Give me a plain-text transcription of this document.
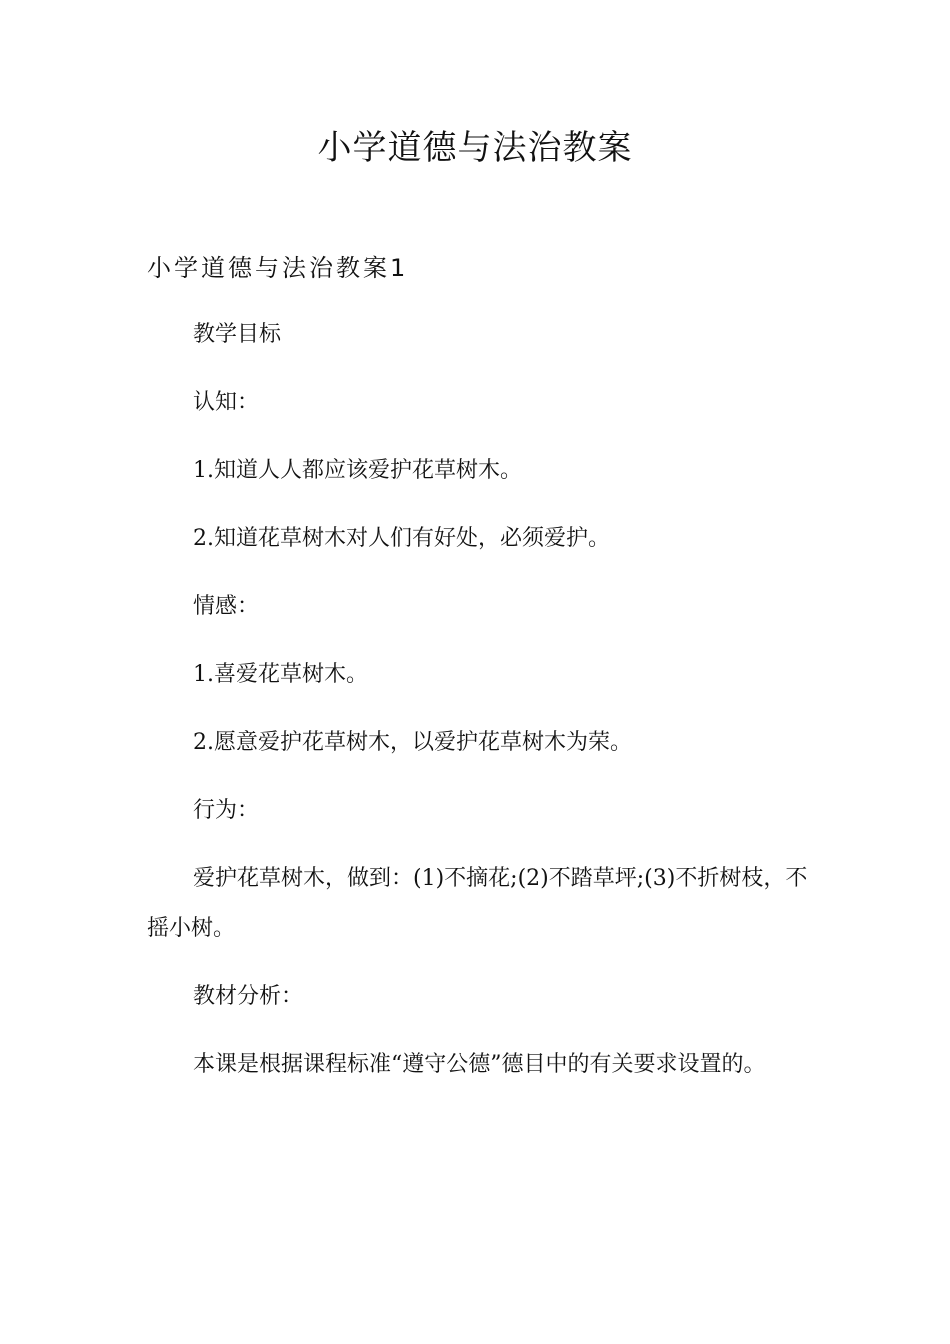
小学道德与法治教案
小学道德与法治教案1
教学目标
认知：
1.知道人人都应该爱护花草树木。
2.知道花草树木对人们有好处，必须爱护。
情感：
1.喜爱花草树木。
2.愿意爱护花草树木，以爱护花草树木为荣。
行为：
爱护花草树木，做到：(1)不摘花;(2)不踏草坪;(3)不折树枝，不摇小树。
教材分析：
本课是根据课程标准“遵守公德”德目中的有关要求设置的。
